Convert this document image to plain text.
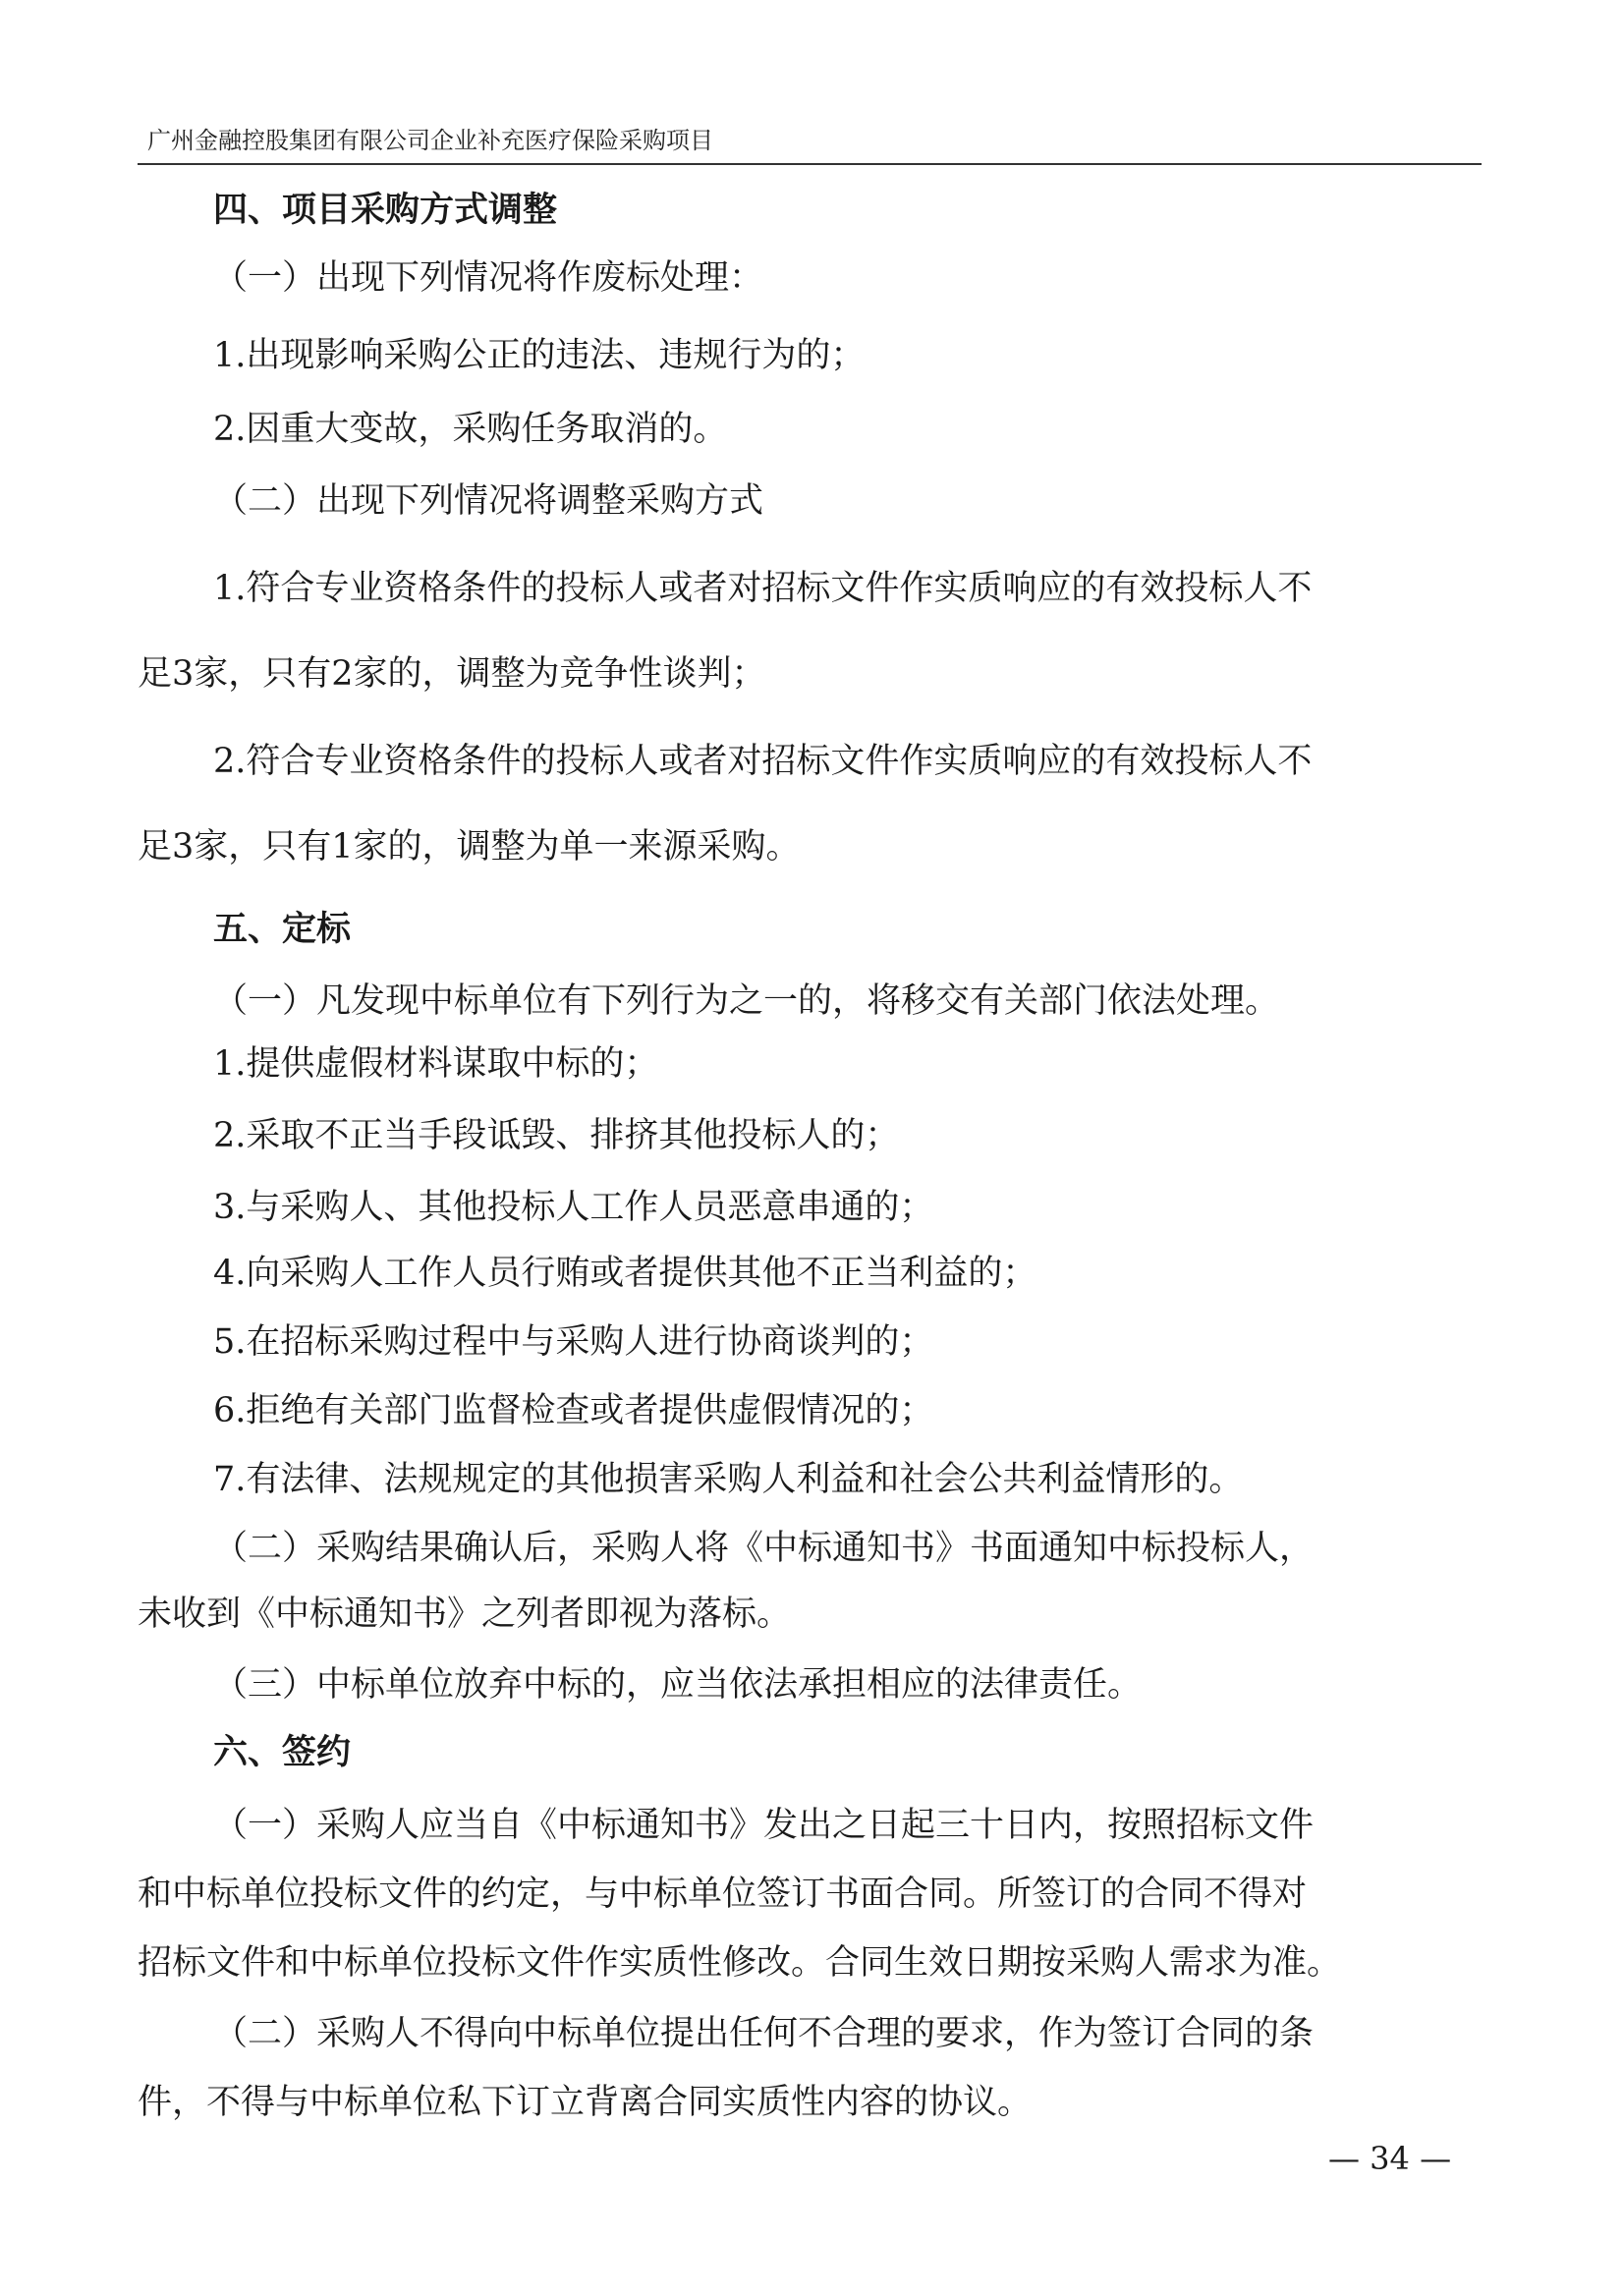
广州金融控股集团有限公司企业补充医疗保险采购项目
四、项目采购方式调整
（一）出现下列情况将作废标处理：
1.出现影响采购公正的违法、违规行为的；
2.因重大变故，采购任务取消的。
（二）出现下列情况将调整采购方式
1.符合专业资格条件的投标人或者对招标文件作实质响应的有效投标人不
足3家，只有2家的，调整为竞争性谈判；
2.符合专业资格条件的投标人或者对招标文件作实质响应的有效投标人不
足3家，只有1家的，调整为单一来源采购。
五、定标
（一）凡发现中标单位有下列行为之一的，将移交有关部门依法处理。
1.提供虚假材料谋取中标的；
2.采取不正当手段诋毁、排挤其他投标人的；
3.与采购人、其他投标人工作人员恶意串通的；
4.向采购人工作人员行贿或者提供其他不正当利益的；
5.在招标采购过程中与采购人进行协商谈判的；
6.拒绝有关部门监督检查或者提供虚假情况的；
7.有法律、法规规定的其他损害采购人利益和社会公共利益情形的。
（二）采购结果确认后，采购人将《中标通知书》书面通知中标投标人，
未收到《中标通知书》之列者即视为落标。
（三）中标单位放弃中标的，应当依法承担相应的法律责任。
六、签约
（一）采购人应当自《中标通知书》发出之日起三十日内，按照招标文件
和中标单位投标文件的约定，与中标单位签订书面合同。所签订的合同不得对
招标文件和中标单位投标文件作实质性修改。合同生效日期按采购人需求为准。
（二）采购人不得向中标单位提出任何不合理的要求，作为签订合同的条
件，不得与中标单位私下订立背离合同实质性内容的协议。
— 34 —
